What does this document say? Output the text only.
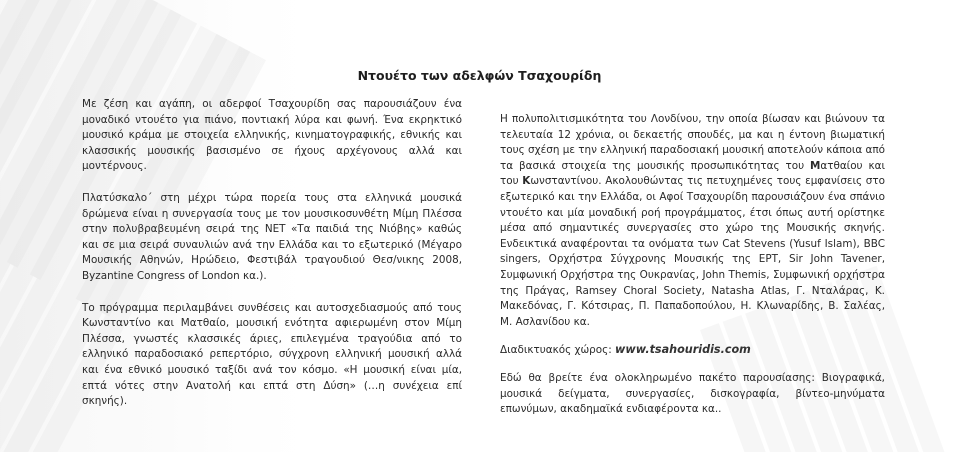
Ντουέτο των αδελφών Τσαχουρίδη

Με ζέση και αγάπη, οι αδερφοί Τσαχουρίδη σας παρουσιάζουν ένα μοναδικό ντουέτο για πιάνο, ποντιακή λύρα και φωνή. Ένα εκρηκτικό μουσικό κράμα με στοιχεία ελληνικής, κινηματογραφικής, εθνικής και κλασσικής μουσικής βασισμένο σε ήχους αρχέγονους αλλά και μοντέρνους.

Πλατύσκαλο΄ στη μέχρι τώρα πορεία τους στα ελληνικά μουσικά δρώμενα είναι η συνεργασία τους με τον μουσικοσυνθέτη Μίμη Πλέσσα στην πολυβραβευμένη σειρά της ΝΕΤ «Τα παιδιά της Νιόβης» καθώς και σε μια σειρά συναυλιών ανά την Ελλάδα και το εξωτερικό (Μέγαρο Μουσικής Αθηνών, Ηρώδειο, Φεστιβάλ τραγουδιού Θεσ/νικης 2008, Byzantine Congress of London κα.).

Το πρόγραμμα περιλαμβάνει συνθέσεις και αυτοσχεδιασμούς από τους Κωνσταντίνο και Ματθαίο, μουσική ενότητα αφιερωμένη στον Μίμη Πλέσσα, γνωστές κλασσικές άριες, επιλεγμένα τραγούδια από το ελληνικό παραδοσιακό ρεπερτόριο, σύγχρονη ελληνική μουσική αλλά και ένα εθνικό μουσικό ταξίδι ανά τον κόσμο. «Η μουσική είναι μία, επτά νότες στην Ανατολή και επτά στη Δύση» (…η συνέχεια επί σκηνής).

Η πολυπολιτισμικότητα του Λονδίνου, την οποία βίωσαν και βιώνουν τα τελευταία 12 χρόνια, οι δεκαετής σπουδές, μα και η έντονη βιωματική τους σχέση με την ελληνική παραδοσιακή μουσική αποτελούν κάποια από τα βασικά στοιχεία της μουσικής προσωπικότητας του Ματθαίου και του Κωνσταντίνου. Ακολουθώντας τις πετυχημένες τους εμφανίσεις στο εξωτερικό και την Ελλάδα, οι Αφοί Τσαχουρίδη παρουσιάζουν ένα σπάνιο ντουέτο και μία μοναδική ροή προγράμματος, έτσι όπως αυτή ορίστηκε μέσα από σημαντικές συνεργασίες στο χώρο της Μουσικής σκηνής. Ενδεικτικά αναφέρονται τα ονόματα των Cat Stevens (Yusuf Islam), BBC singers, Ορχήστρα Σύγχρονης Μουσικής της ΕΡΤ, Sir John Tavener, Συμφωνική Ορχήστρα της Ουκρανίας, John Themis, Συμφωνική ορχήστρα της Πράγας, Ramsey Choral Society, Natasha Atlas, Γ. Νταλάρας, Κ. Μακεδόνας, Γ. Κότσιρας, Π. Παπαδοπούλου, Η. Κλωναρίδης, Β. Σαλέας, Μ. Ασλανίδου κα.

Διαδικτυακός χώρος: www.tsahouridis.com

Εδώ θα βρείτε ένα ολοκληρωμένο πακέτο παρουσίασης: Βιογραφικά, μουσικά δείγματα, συνεργασίες, δισκογραφία, βίντεο-μηνύματα επωνύμων, ακαδημαϊκά ενδιαφέροντα κα..
